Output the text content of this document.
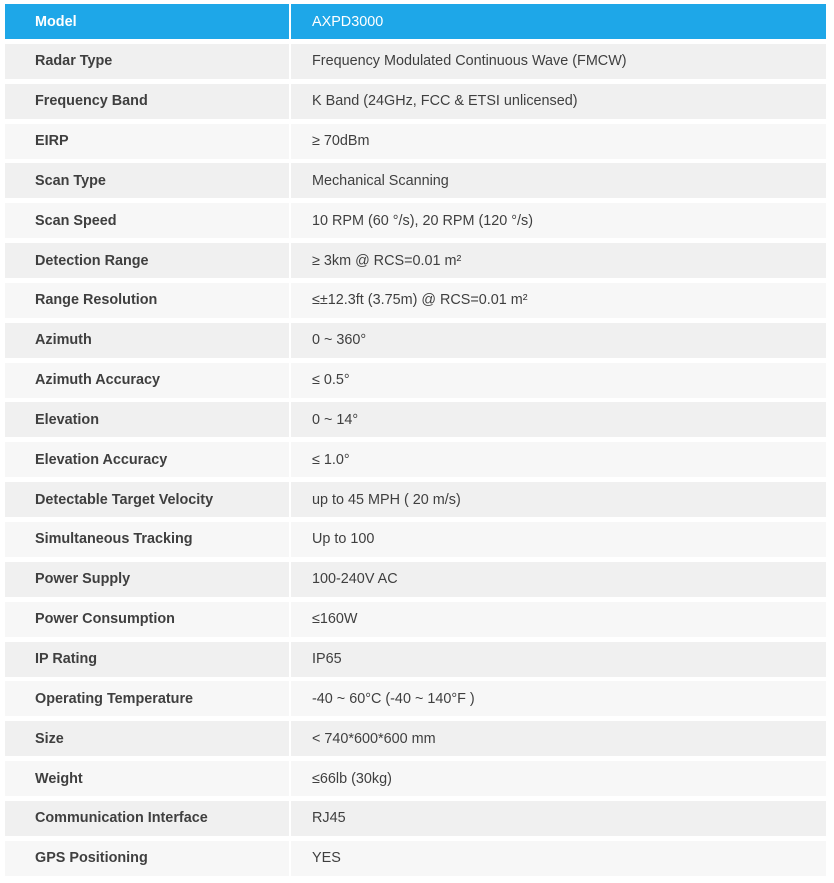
Model	AXPD3000
Radar Type	Frequency Modulated Continuous Wave (FMCW)
Frequency Band	K Band (24GHz, FCC & ETSI unlicensed)
EIRP	≥ 70dBm
Scan Type	Mechanical Scanning
Scan Speed	10 RPM (60 °/s), 20 RPM (120 °/s)
Detection Range	≥ 3km @ RCS=0.01 m²
Range Resolution	≤±12.3ft (3.75m) @ RCS=0.01 m²
Azimuth	0 ~ 360°
Azimuth Accuracy	≤ 0.5°
Elevation	0 ~ 14°
Elevation Accuracy	≤ 1.0°
Detectable Target Velocity	up to 45 MPH ( 20 m/s)
Simultaneous Tracking	Up to 100
Power Supply	100-240V AC
Power Consumption	≤160W
IP Rating	IP65
Operating Temperature	-40 ~ 60°C (-40 ~ 140°F )
Size	< 740*600*600 mm
Weight	≤66lb (30kg)
Communication Interface	RJ45
GPS Positioning	YES
